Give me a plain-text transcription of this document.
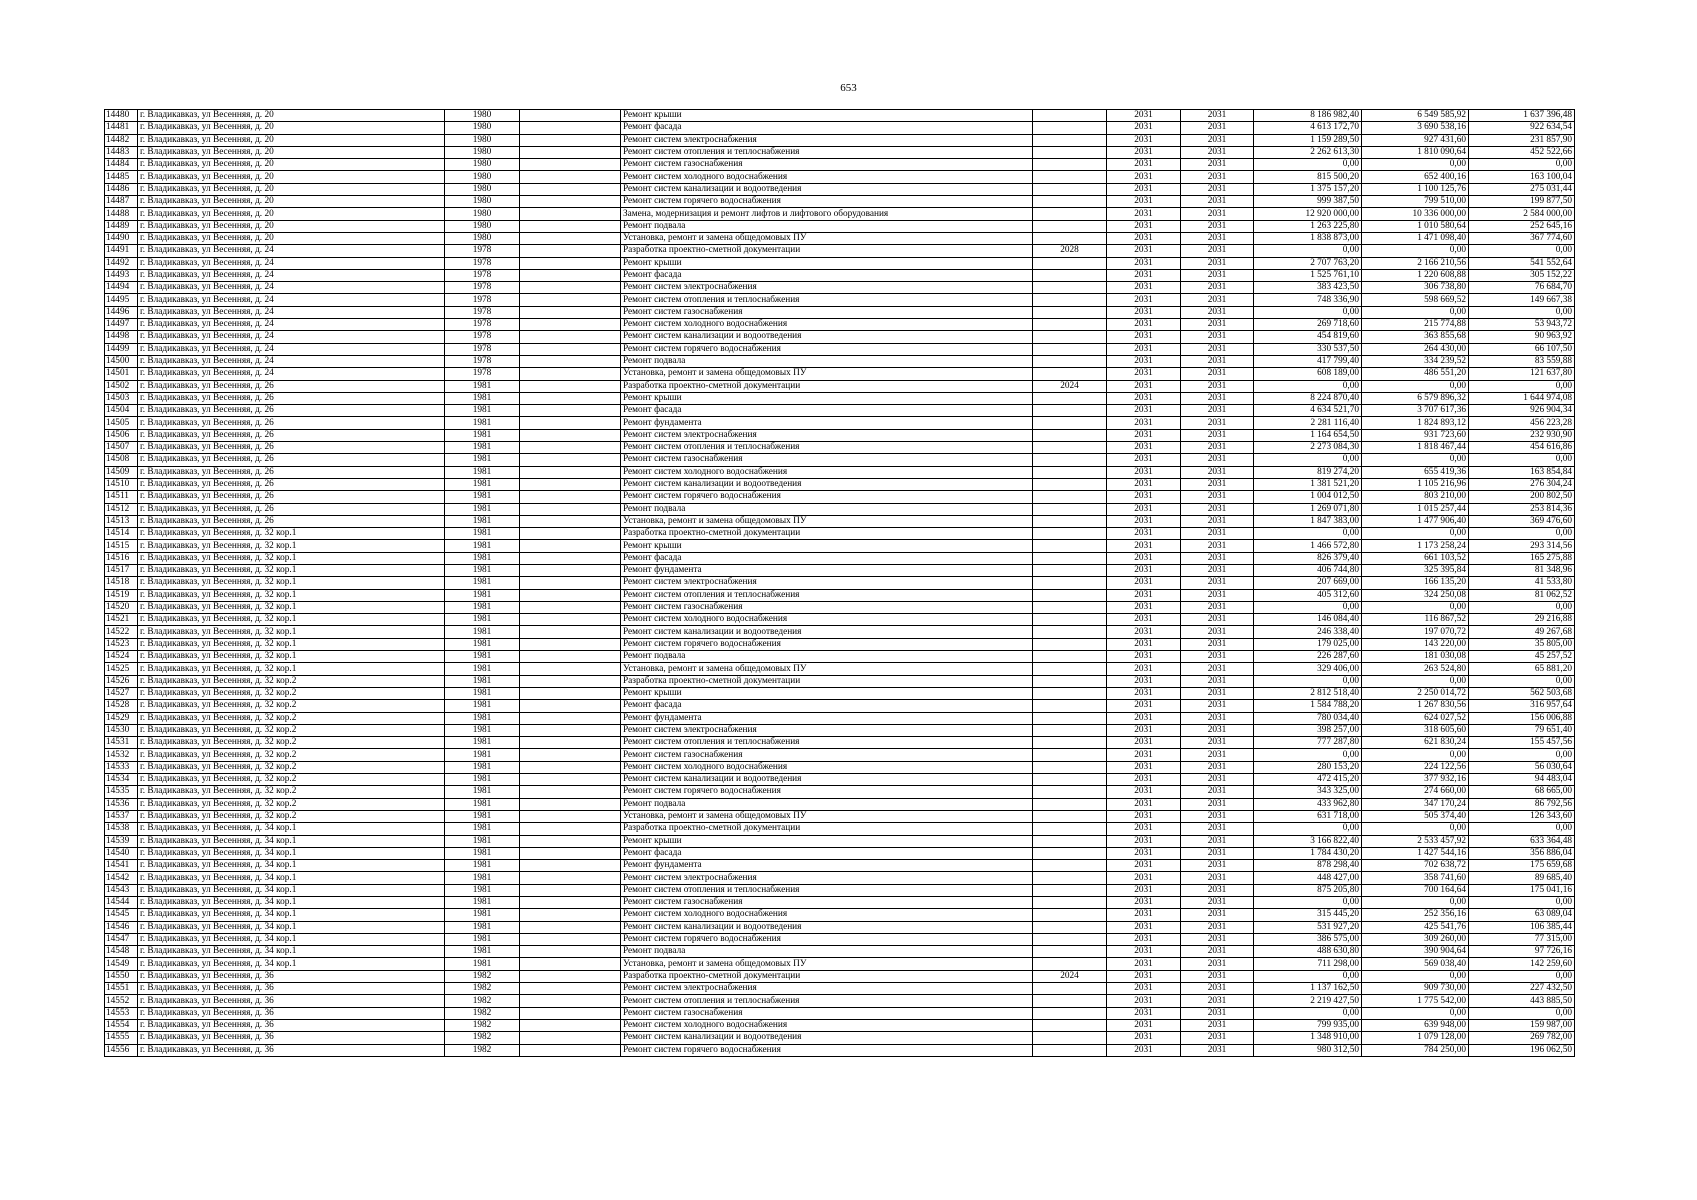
653
14480	г. Владикавказ, ул Весенняя, д. 20	1980		Ремонт крыши		2031	2031	8 186 982,40	6 549 585,92	1 637 396,48
14481	г. Владикавказ, ул Весенняя, д. 20	1980		Ремонт фасада		2031	2031	4 613 172,70	3 690 538,16	922 634,54
14482	г. Владикавказ, ул Весенняя, д. 20	1980		Ремонт систем электроснабжения		2031	2031	1 159 289,50	927 431,60	231 857,90
14483	г. Владикавказ, ул Весенняя, д. 20	1980		Ремонт систем отопления и теплоснабжения		2031	2031	2 262 613,30	1 810 090,64	452 522,66
14484	г. Владикавказ, ул Весенняя, д. 20	1980		Ремонт систем газоснабжения		2031	2031	0,00	0,00	0,00
14485	г. Владикавказ, ул Весенняя, д. 20	1980		Ремонт систем холодного водоснабжения		2031	2031	815 500,20	652 400,16	163 100,04
14486	г. Владикавказ, ул Весенняя, д. 20	1980		Ремонт систем канализации и водоотведения		2031	2031	1 375 157,20	1 100 125,76	275 031,44
14487	г. Владикавказ, ул Весенняя, д. 20	1980		Ремонт систем горячего водоснабжения		2031	2031	999 387,50	799 510,00	199 877,50
14488	г. Владикавказ, ул Весенняя, д. 20	1980		Замена, модернизация и ремонт лифтов и лифтового оборудования		2031	2031	12 920 000,00	10 336 000,00	2 584 000,00
14489	г. Владикавказ, ул Весенняя, д. 20	1980		Ремонт подвала		2031	2031	1 263 225,80	1 010 580,64	252 645,16
14490	г. Владикавказ, ул Весенняя, д. 20	1980		Установка, ремонт и замена общедомовых ПУ		2031	2031	1 838 873,00	1 471 098,40	367 774,60
14491	г. Владикавказ, ул Весенняя, д. 24	1978		Разработка проектно-сметной документации	2028	2031	2031	0,00	0,00	0,00
14492	г. Владикавказ, ул Весенняя, д. 24	1978		Ремонт крыши		2031	2031	2 707 763,20	2 166 210,56	541 552,64
14493	г. Владикавказ, ул Весенняя, д. 24	1978		Ремонт фасада		2031	2031	1 525 761,10	1 220 608,88	305 152,22
14494	г. Владикавказ, ул Весенняя, д. 24	1978		Ремонт систем электроснабжения		2031	2031	383 423,50	306 738,80	76 684,70
14495	г. Владикавказ, ул Весенняя, д. 24	1978		Ремонт систем отопления и теплоснабжения		2031	2031	748 336,90	598 669,52	149 667,38
14496	г. Владикавказ, ул Весенняя, д. 24	1978		Ремонт систем газоснабжения		2031	2031	0,00	0,00	0,00
14497	г. Владикавказ, ул Весенняя, д. 24	1978		Ремонт систем холодного водоснабжения		2031	2031	269 718,60	215 774,88	53 943,72
14498	г. Владикавказ, ул Весенняя, д. 24	1978		Ремонт систем канализации и водоотведения		2031	2031	454 819,60	363 855,68	90 963,92
14499	г. Владикавказ, ул Весенняя, д. 24	1978		Ремонт систем горячего водоснабжения		2031	2031	330 537,50	264 430,00	66 107,50
14500	г. Владикавказ, ул Весенняя, д. 24	1978		Ремонт подвала		2031	2031	417 799,40	334 239,52	83 559,88
14501	г. Владикавказ, ул Весенняя, д. 24	1978		Установка, ремонт и замена общедомовых ПУ		2031	2031	608 189,00	486 551,20	121 637,80
14502	г. Владикавказ, ул Весенняя, д. 26	1981		Разработка проектно-сметной документации	2024	2031	2031	0,00	0,00	0,00
14503	г. Владикавказ, ул Весенняя, д. 26	1981		Ремонт крыши		2031	2031	8 224 870,40	6 579 896,32	1 644 974,08
14504	г. Владикавказ, ул Весенняя, д. 26	1981		Ремонт фасада		2031	2031	4 634 521,70	3 707 617,36	926 904,34
14505	г. Владикавказ, ул Весенняя, д. 26	1981		Ремонт фундамента		2031	2031	2 281 116,40	1 824 893,12	456 223,28
14506	г. Владикавказ, ул Весенняя, д. 26	1981		Ремонт систем электроснабжения		2031	2031	1 164 654,50	931 723,60	232 930,90
14507	г. Владикавказ, ул Весенняя, д. 26	1981		Ремонт систем отопления и теплоснабжения		2031	2031	2 273 084,30	1 818 467,44	454 616,86
14508	г. Владикавказ, ул Весенняя, д. 26	1981		Ремонт систем газоснабжения		2031	2031	0,00	0,00	0,00
14509	г. Владикавказ, ул Весенняя, д. 26	1981		Ремонт систем холодного водоснабжения		2031	2031	819 274,20	655 419,36	163 854,84
14510	г. Владикавказ, ул Весенняя, д. 26	1981		Ремонт систем канализации и водоотведения		2031	2031	1 381 521,20	1 105 216,96	276 304,24
14511	г. Владикавказ, ул Весенняя, д. 26	1981		Ремонт систем горячего водоснабжения		2031	2031	1 004 012,50	803 210,00	200 802,50
14512	г. Владикавказ, ул Весенняя, д. 26	1981		Ремонт подвала		2031	2031	1 269 071,80	1 015 257,44	253 814,36
14513	г. Владикавказ, ул Весенняя, д. 26	1981		Установка, ремонт и замена общедомовых ПУ		2031	2031	1 847 383,00	1 477 906,40	369 476,60
14514	г. Владикавказ, ул Весенняя, д. 32 кор.1	1981		Разработка проектно-сметной документации		2031	2031	0,00	0,00	0,00
14515	г. Владикавказ, ул Весенняя, д. 32 кор.1	1981		Ремонт крыши		2031	2031	1 466 572,80	1 173 258,24	293 314,56
14516	г. Владикавказ, ул Весенняя, д. 32 кор.1	1981		Ремонт фасада		2031	2031	826 379,40	661 103,52	165 275,88
14517	г. Владикавказ, ул Весенняя, д. 32 кор.1	1981		Ремонт фундамента		2031	2031	406 744,80	325 395,84	81 348,96
14518	г. Владикавказ, ул Весенняя, д. 32 кор.1	1981		Ремонт систем электроснабжения		2031	2031	207 669,00	166 135,20	41 533,80
14519	г. Владикавказ, ул Весенняя, д. 32 кор.1	1981		Ремонт систем отопления и теплоснабжения		2031	2031	405 312,60	324 250,08	81 062,52
14520	г. Владикавказ, ул Весенняя, д. 32 кор.1	1981		Ремонт систем газоснабжения		2031	2031	0,00	0,00	0,00
14521	г. Владикавказ, ул Весенняя, д. 32 кор.1	1981		Ремонт систем холодного водоснабжения		2031	2031	146 084,40	116 867,52	29 216,88
14522	г. Владикавказ, ул Весенняя, д. 32 кор.1	1981		Ремонт систем канализации и водоотведения		2031	2031	246 338,40	197 070,72	49 267,68
14523	г. Владикавказ, ул Весенняя, д. 32 кор.1	1981		Ремонт систем горячего водоснабжения		2031	2031	179 025,00	143 220,00	35 805,00
14524	г. Владикавказ, ул Весенняя, д. 32 кор.1	1981		Ремонт подвала		2031	2031	226 287,60	181 030,08	45 257,52
14525	г. Владикавказ, ул Весенняя, д. 32 кор.1	1981		Установка, ремонт и замена общедомовых ПУ		2031	2031	329 406,00	263 524,80	65 881,20
14526	г. Владикавказ, ул Весенняя, д. 32 кор.2	1981		Разработка проектно-сметной документации		2031	2031	0,00	0,00	0,00
14527	г. Владикавказ, ул Весенняя, д. 32 кор.2	1981		Ремонт крыши		2031	2031	2 812 518,40	2 250 014,72	562 503,68
14528	г. Владикавказ, ул Весенняя, д. 32 кор.2	1981		Ремонт фасада		2031	2031	1 584 788,20	1 267 830,56	316 957,64
14529	г. Владикавказ, ул Весенняя, д. 32 кор.2	1981		Ремонт фундамента		2031	2031	780 034,40	624 027,52	156 006,88
14530	г. Владикавказ, ул Весенняя, д. 32 кор.2	1981		Ремонт систем электроснабжения		2031	2031	398 257,00	318 605,60	79 651,40
14531	г. Владикавказ, ул Весенняя, д. 32 кор.2	1981		Ремонт систем отопления и теплоснабжения		2031	2031	777 287,80	621 830,24	155 457,56
14532	г. Владикавказ, ул Весенняя, д. 32 кор.2	1981		Ремонт систем газоснабжения		2031	2031	0,00	0,00	0,00
14533	г. Владикавказ, ул Весенняя, д. 32 кор.2	1981		Ремонт систем холодного водоснабжения		2031	2031	280 153,20	224 122,56	56 030,64
14534	г. Владикавказ, ул Весенняя, д. 32 кор.2	1981		Ремонт систем канализации и водоотведения		2031	2031	472 415,20	377 932,16	94 483,04
14535	г. Владикавказ, ул Весенняя, д. 32 кор.2	1981		Ремонт систем горячего водоснабжения		2031	2031	343 325,00	274 660,00	68 665,00
14536	г. Владикавказ, ул Весенняя, д. 32 кор.2	1981		Ремонт подвала		2031	2031	433 962,80	347 170,24	86 792,56
14537	г. Владикавказ, ул Весенняя, д. 32 кор.2	1981		Установка, ремонт и замена общедомовых ПУ		2031	2031	631 718,00	505 374,40	126 343,60
14538	г. Владикавказ, ул Весенняя, д. 34 кор.1	1981		Разработка проектно-сметной документации		2031	2031	0,00	0,00	0,00
14539	г. Владикавказ, ул Весенняя, д. 34 кор.1	1981		Ремонт крыши		2031	2031	3 166 822,40	2 533 457,92	633 364,48
14540	г. Владикавказ, ул Весенняя, д. 34 кор.1	1981		Ремонт фасада		2031	2031	1 784 430,20	1 427 544,16	356 886,04
14541	г. Владикавказ, ул Весенняя, д. 34 кор.1	1981		Ремонт фундамента		2031	2031	878 298,40	702 638,72	175 659,68
14542	г. Владикавказ, ул Весенняя, д. 34 кор.1	1981		Ремонт систем электроснабжения		2031	2031	448 427,00	358 741,60	89 685,40
14543	г. Владикавказ, ул Весенняя, д. 34 кор.1	1981		Ремонт систем отопления и теплоснабжения		2031	2031	875 205,80	700 164,64	175 041,16
14544	г. Владикавказ, ул Весенняя, д. 34 кор.1	1981		Ремонт систем газоснабжения		2031	2031	0,00	0,00	0,00
14545	г. Владикавказ, ул Весенняя, д. 34 кор.1	1981		Ремонт систем холодного водоснабжения		2031	2031	315 445,20	252 356,16	63 089,04
14546	г. Владикавказ, ул Весенняя, д. 34 кор.1	1981		Ремонт систем канализации и водоотведения		2031	2031	531 927,20	425 541,76	106 385,44
14547	г. Владикавказ, ул Весенняя, д. 34 кор.1	1981		Ремонт систем горячего водоснабжения		2031	2031	386 575,00	309 260,00	77 315,00
14548	г. Владикавказ, ул Весенняя, д. 34 кор.1	1981		Ремонт подвала		2031	2031	488 630,80	390 904,64	97 726,16
14549	г. Владикавказ, ул Весенняя, д. 34 кор.1	1981		Установка, ремонт и замена общедомовых ПУ		2031	2031	711 298,00	569 038,40	142 259,60
14550	г. Владикавказ, ул Весенняя, д. 36	1982		Разработка проектно-сметной документации	2024	2031	2031	0,00	0,00	0,00
14551	г. Владикавказ, ул Весенняя, д. 36	1982		Ремонт систем электроснабжения		2031	2031	1 137 162,50	909 730,00	227 432,50
14552	г. Владикавказ, ул Весенняя, д. 36	1982		Ремонт систем отопления и теплоснабжения		2031	2031	2 219 427,50	1 775 542,00	443 885,50
14553	г. Владикавказ, ул Весенняя, д. 36	1982		Ремонт систем газоснабжения		2031	2031	0,00	0,00	0,00
14554	г. Владикавказ, ул Весенняя, д. 36	1982		Ремонт систем холодного водоснабжения		2031	2031	799 935,00	639 948,00	159 987,00
14555	г. Владикавказ, ул Весенняя, д. 36	1982		Ремонт систем канализации и водоотведения		2031	2031	1 348 910,00	1 079 128,00	269 782,00
14556	г. Владикавказ, ул Весенняя, д. 36	1982		Ремонт систем горячего водоснабжения		2031	2031	980 312,50	784 250,00	196 062,50
